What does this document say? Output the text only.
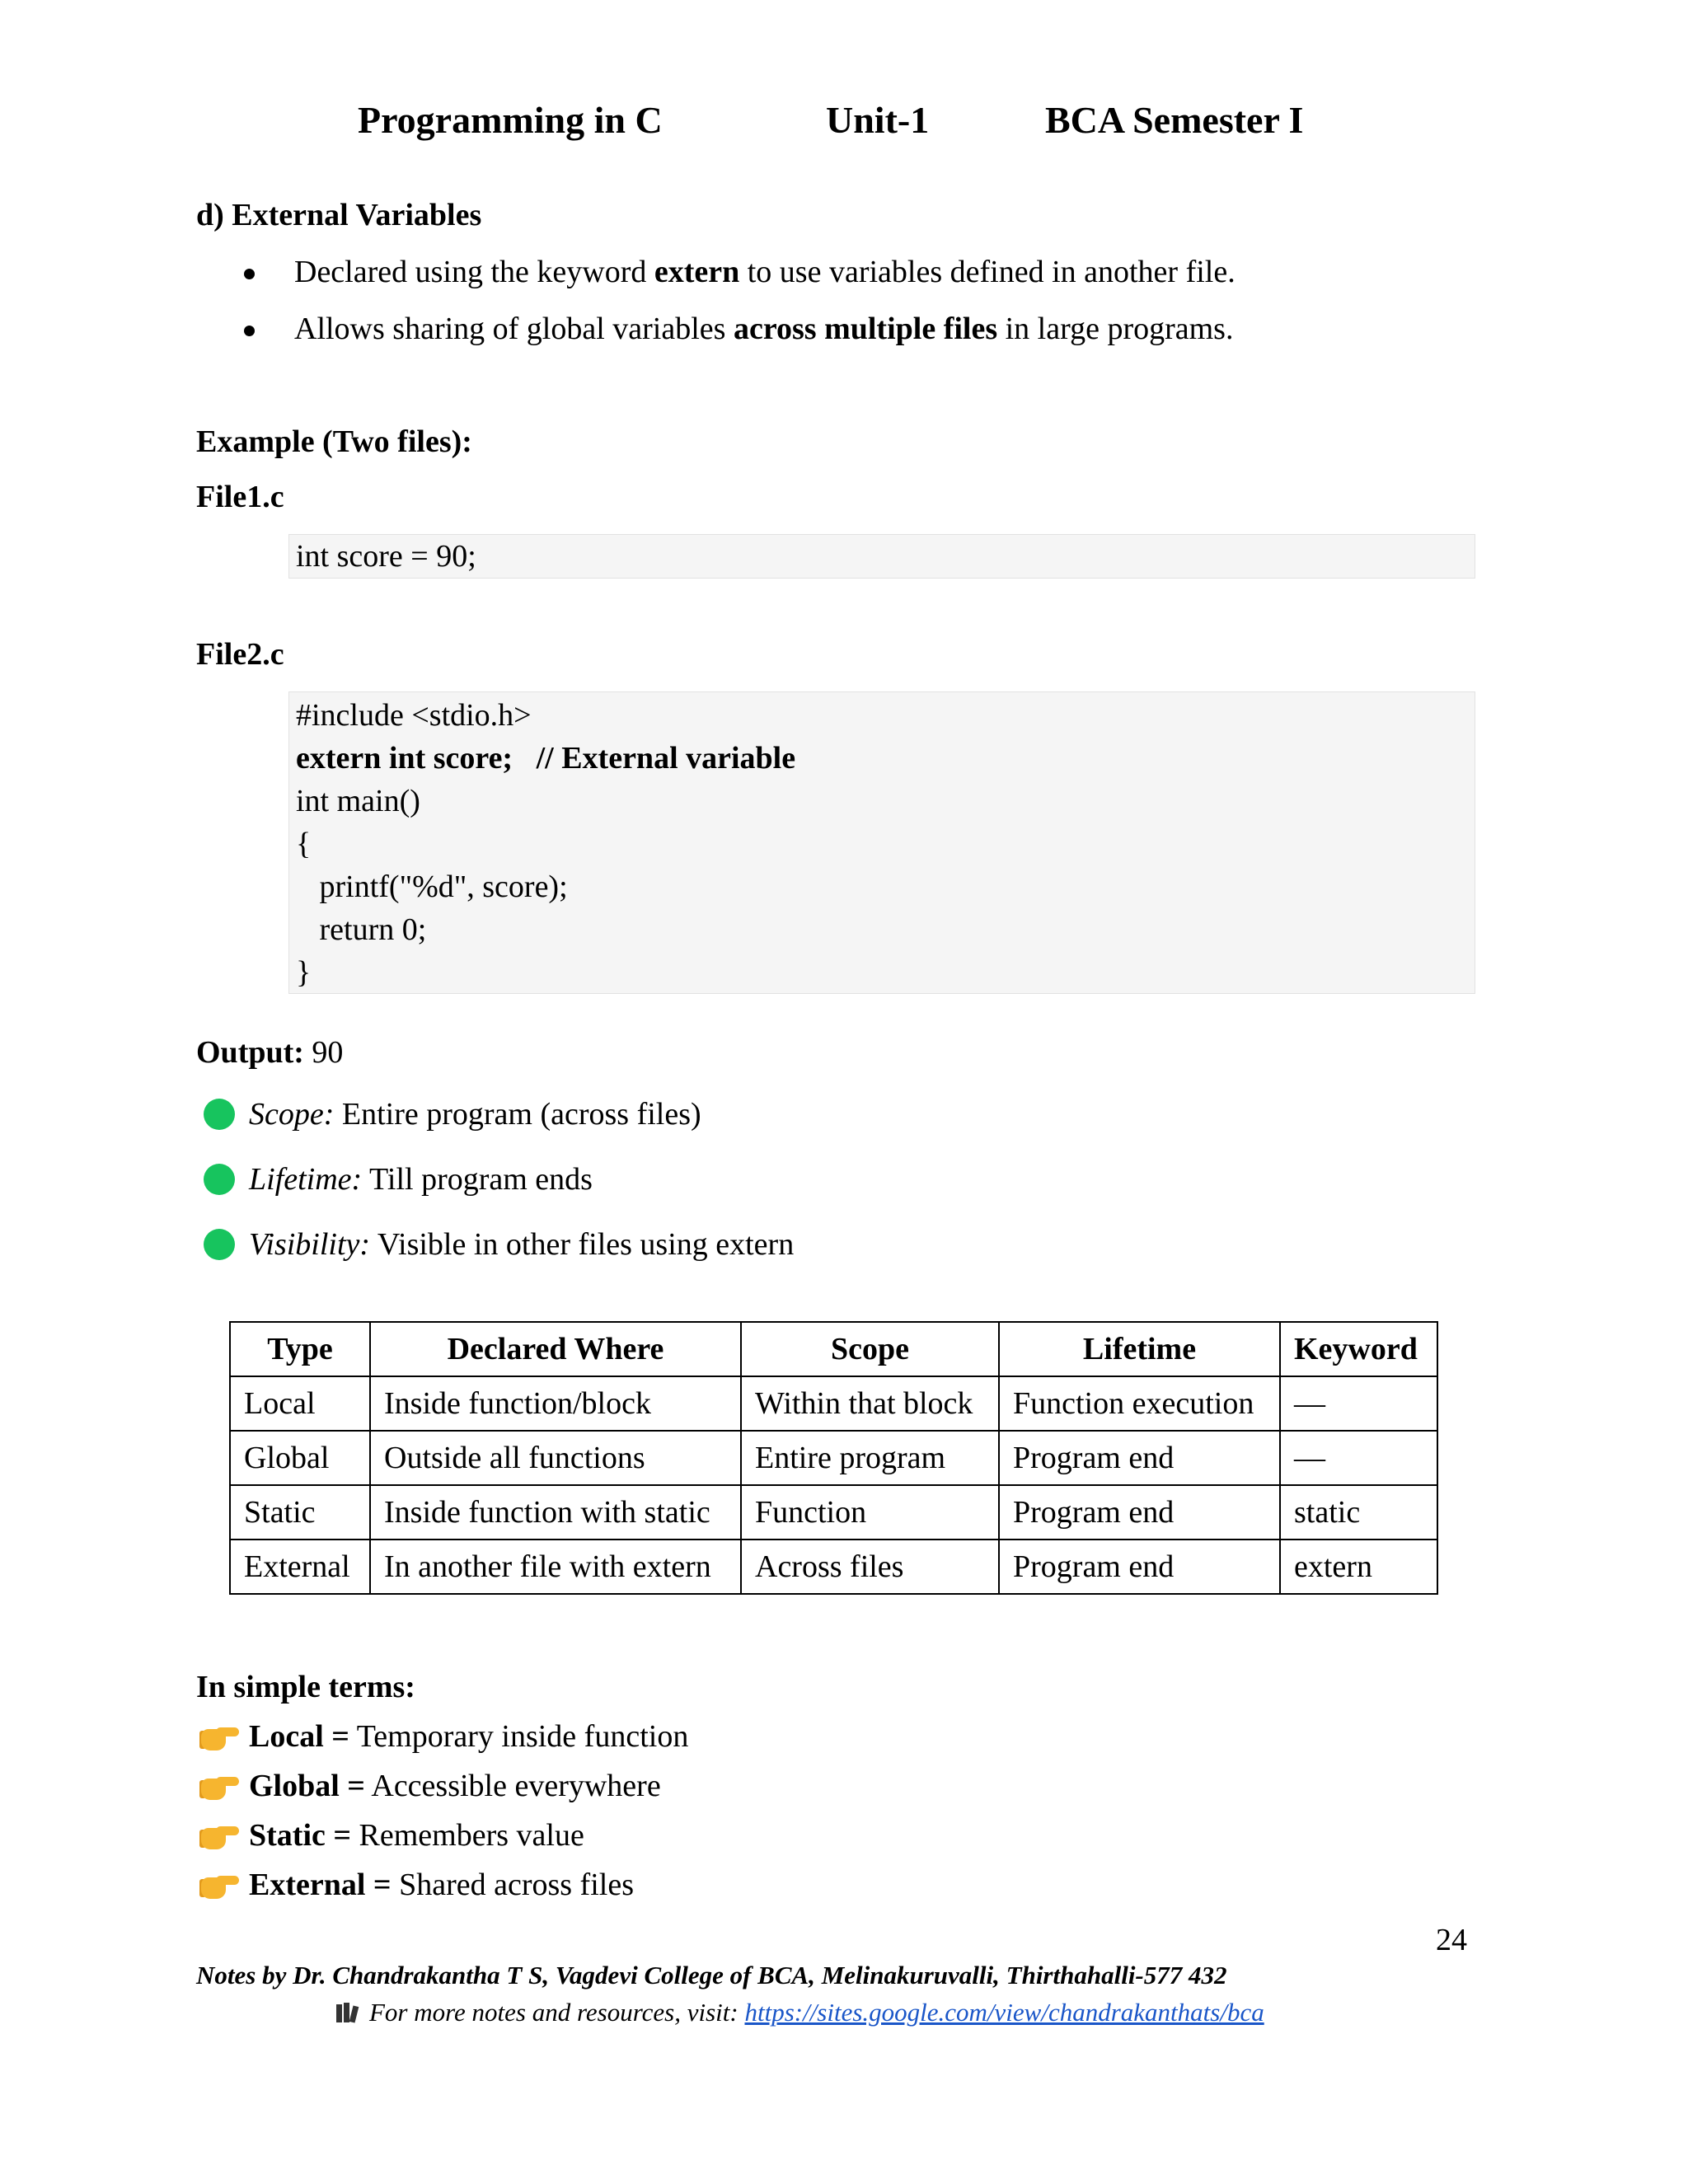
Programming in C	Unit-1	BCA Semester I
d) External Variables
Declared using the keyword extern to use variables defined in another file.
Allows sharing of global variables across multiple files in large programs.
Example (Two files):
File1.c
int score = 90;
File2.c
#include <stdio.h>
extern int score;   // External variable
int main()
{
printf("%d", score);
return 0;
}
Output: 90
Scope: Entire program (across files)
Lifetime: Till program ends
Visibility: Visible in other files using extern
Type	Declared Where	Scope	Lifetime	Keyword
Local	Inside function/block	Within that block	Function execution	—
Global	Outside all functions	Entire program	Program end	—
Static	Inside function with static	Function	Program end	static
External	In another file with extern	Across files	Program end	extern
In simple terms:
Local = Temporary inside function
Global = Accessible everywhere
Static = Remembers value
External = Shared across files
24
Notes by Dr. Chandrakantha T S, Vagdevi College of BCA, Melinakuruvalli, Thirthahalli-577 432
For more notes and resources, visit: https://sites.google.com/view/chandrakanthats/bca
